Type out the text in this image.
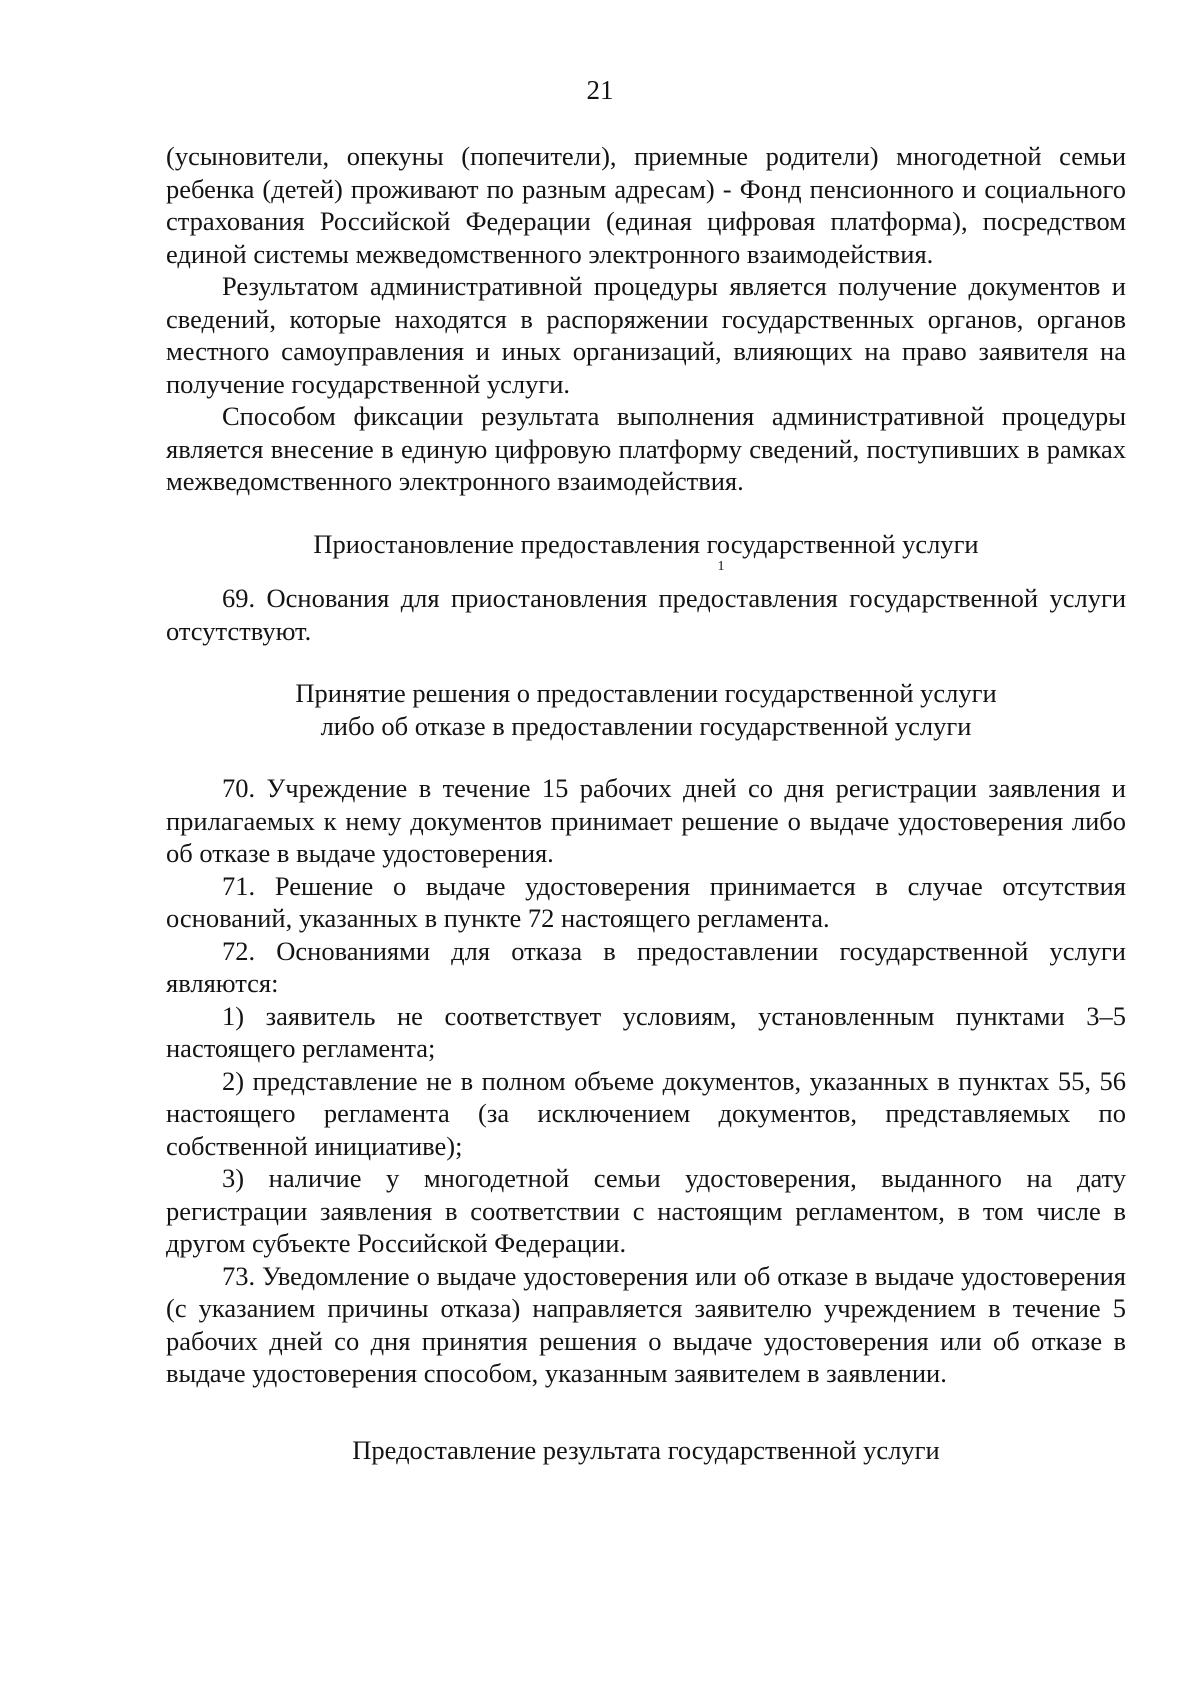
21

(усыновители, опекуны (попечители), приемные родители) многодетной семьи ребенка (детей) проживают по разным адресам) - Фонд пенсионного и социального страхования Российской Федерации (единая цифровая платформа), посредством единой системы межведомственного электронного взаимодействия.

Результатом административной процедуры является получение документов и сведений, которые находятся в распоряжении государственных органов, органов местного самоуправления и иных организаций, влияющих на право заявителя на получение государственной услуги.

Способом фиксации результата выполнения административной процедуры является внесение в единую цифровую платформу сведений, поступивших в рамках межведомственного электронного взаимодействия.

Приостановление предоставления государственной услуги

1

69. Основания для приостановления предоставления государственной услуги отсутствуют.

Принятие решения о предоставлении государственной услуги

либо об отказе в предоставлении государственной услуги

70. Учреждение в течение 15 рабочих дней со дня регистрации заявления и прилагаемых к нему документов принимает решение о выдаче удостоверения либо об отказе в выдаче удостоверения.

71. Решение о выдаче удостоверения принимается в случае отсутствия оснований, указанных в пункте 72 настоящего регламента.

72. Основаниями для отказа в предоставлении государственной услуги являются:

1) заявитель не соответствует условиям, установленным пунктами 3–5 настоящего регламента;

2) представление не в полном объеме документов, указанных в пунктах 55, 56 настоящего регламента (за исключением документов, представляемых по собственной инициативе);

3) наличие у многодетной семьи удостоверения, выданного на дату регистрации заявления в соответствии с настоящим регламентом, в том числе в другом субъекте Российской Федерации.

73. Уведомление о выдаче удостоверения или об отказе в выдаче удостоверения (с указанием причины отказа) направляется заявителю учреждением в течение 5 рабочих дней со дня принятия решения о выдаче удостоверения или об отказе в выдаче удостоверения способом, указанным заявителем в заявлении.

Предоставление результата государственной услуги
